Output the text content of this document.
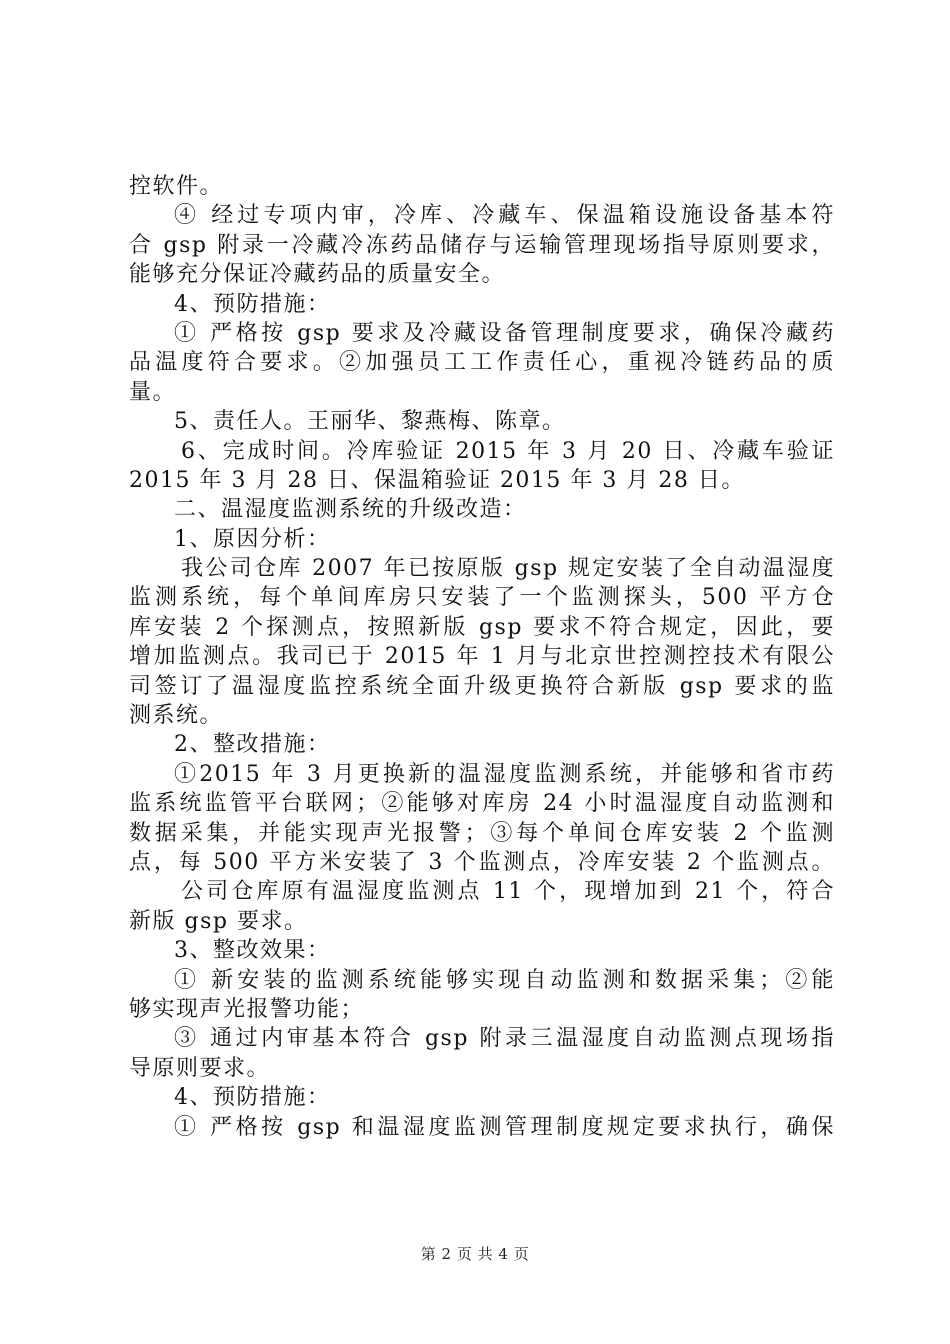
控软件。
④ 经过专项内审，冷库、冷藏车、保温箱设施设备基本符
合 gsp 附录一冷藏冷冻药品储存与运输管理现场指导原则要求，
能够充分保证冷藏药品的质量安全。
4、预防措施：
① 严格按 gsp 要求及冷藏设备管理制度要求，确保冷藏药
品温度符合要求。②加强员工工作责任心，重视冷链药品的质
量。
5、责任人。王丽华、黎燕梅、陈章。
6、完成时间。冷库验证 2015 年 3 月 20 日、冷藏车验证
2015 年 3 月 28 日、保温箱验证 2015 年 3 月 28 日。
二、温湿度监测系统的升级改造：
1、原因分析：
我公司仓库 2007 年已按原版 gsp 规定安装了全自动温湿度
监测系统，每个单间库房只安装了一个监测探头，500 平方仓
库安装 2 个探测点，按照新版 gsp 要求不符合规定，因此，要
增加监测点。我司已于 2015 年 1 月与北京世控测控技术有限公
司签订了温湿度监控系统全面升级更换符合新版 gsp 要求的监
测系统。
2、整改措施：
①2015 年 3 月更换新的温湿度监测系统，并能够和省市药
监系统监管平台联网；②能够对库房 24 小时温湿度自动监测和
数据采集，并能实现声光报警；③每个单间仓库安装 2 个监测
点，每 500 平方米安装了 3 个监测点，冷库安装 2 个监测点。
公司仓库原有温湿度监测点 11 个，现增加到 21 个，符合
新版 gsp 要求。
3、整改效果：
① 新安装的监测系统能够实现自动监测和数据采集；②能
够实现声光报警功能；
③ 通过内审基本符合 gsp 附录三温湿度自动监测点现场指
导原则要求。
4、预防措施：
① 严格按 gsp 和温湿度监测管理制度规定要求执行，确保
第 2 页 共 4 页
